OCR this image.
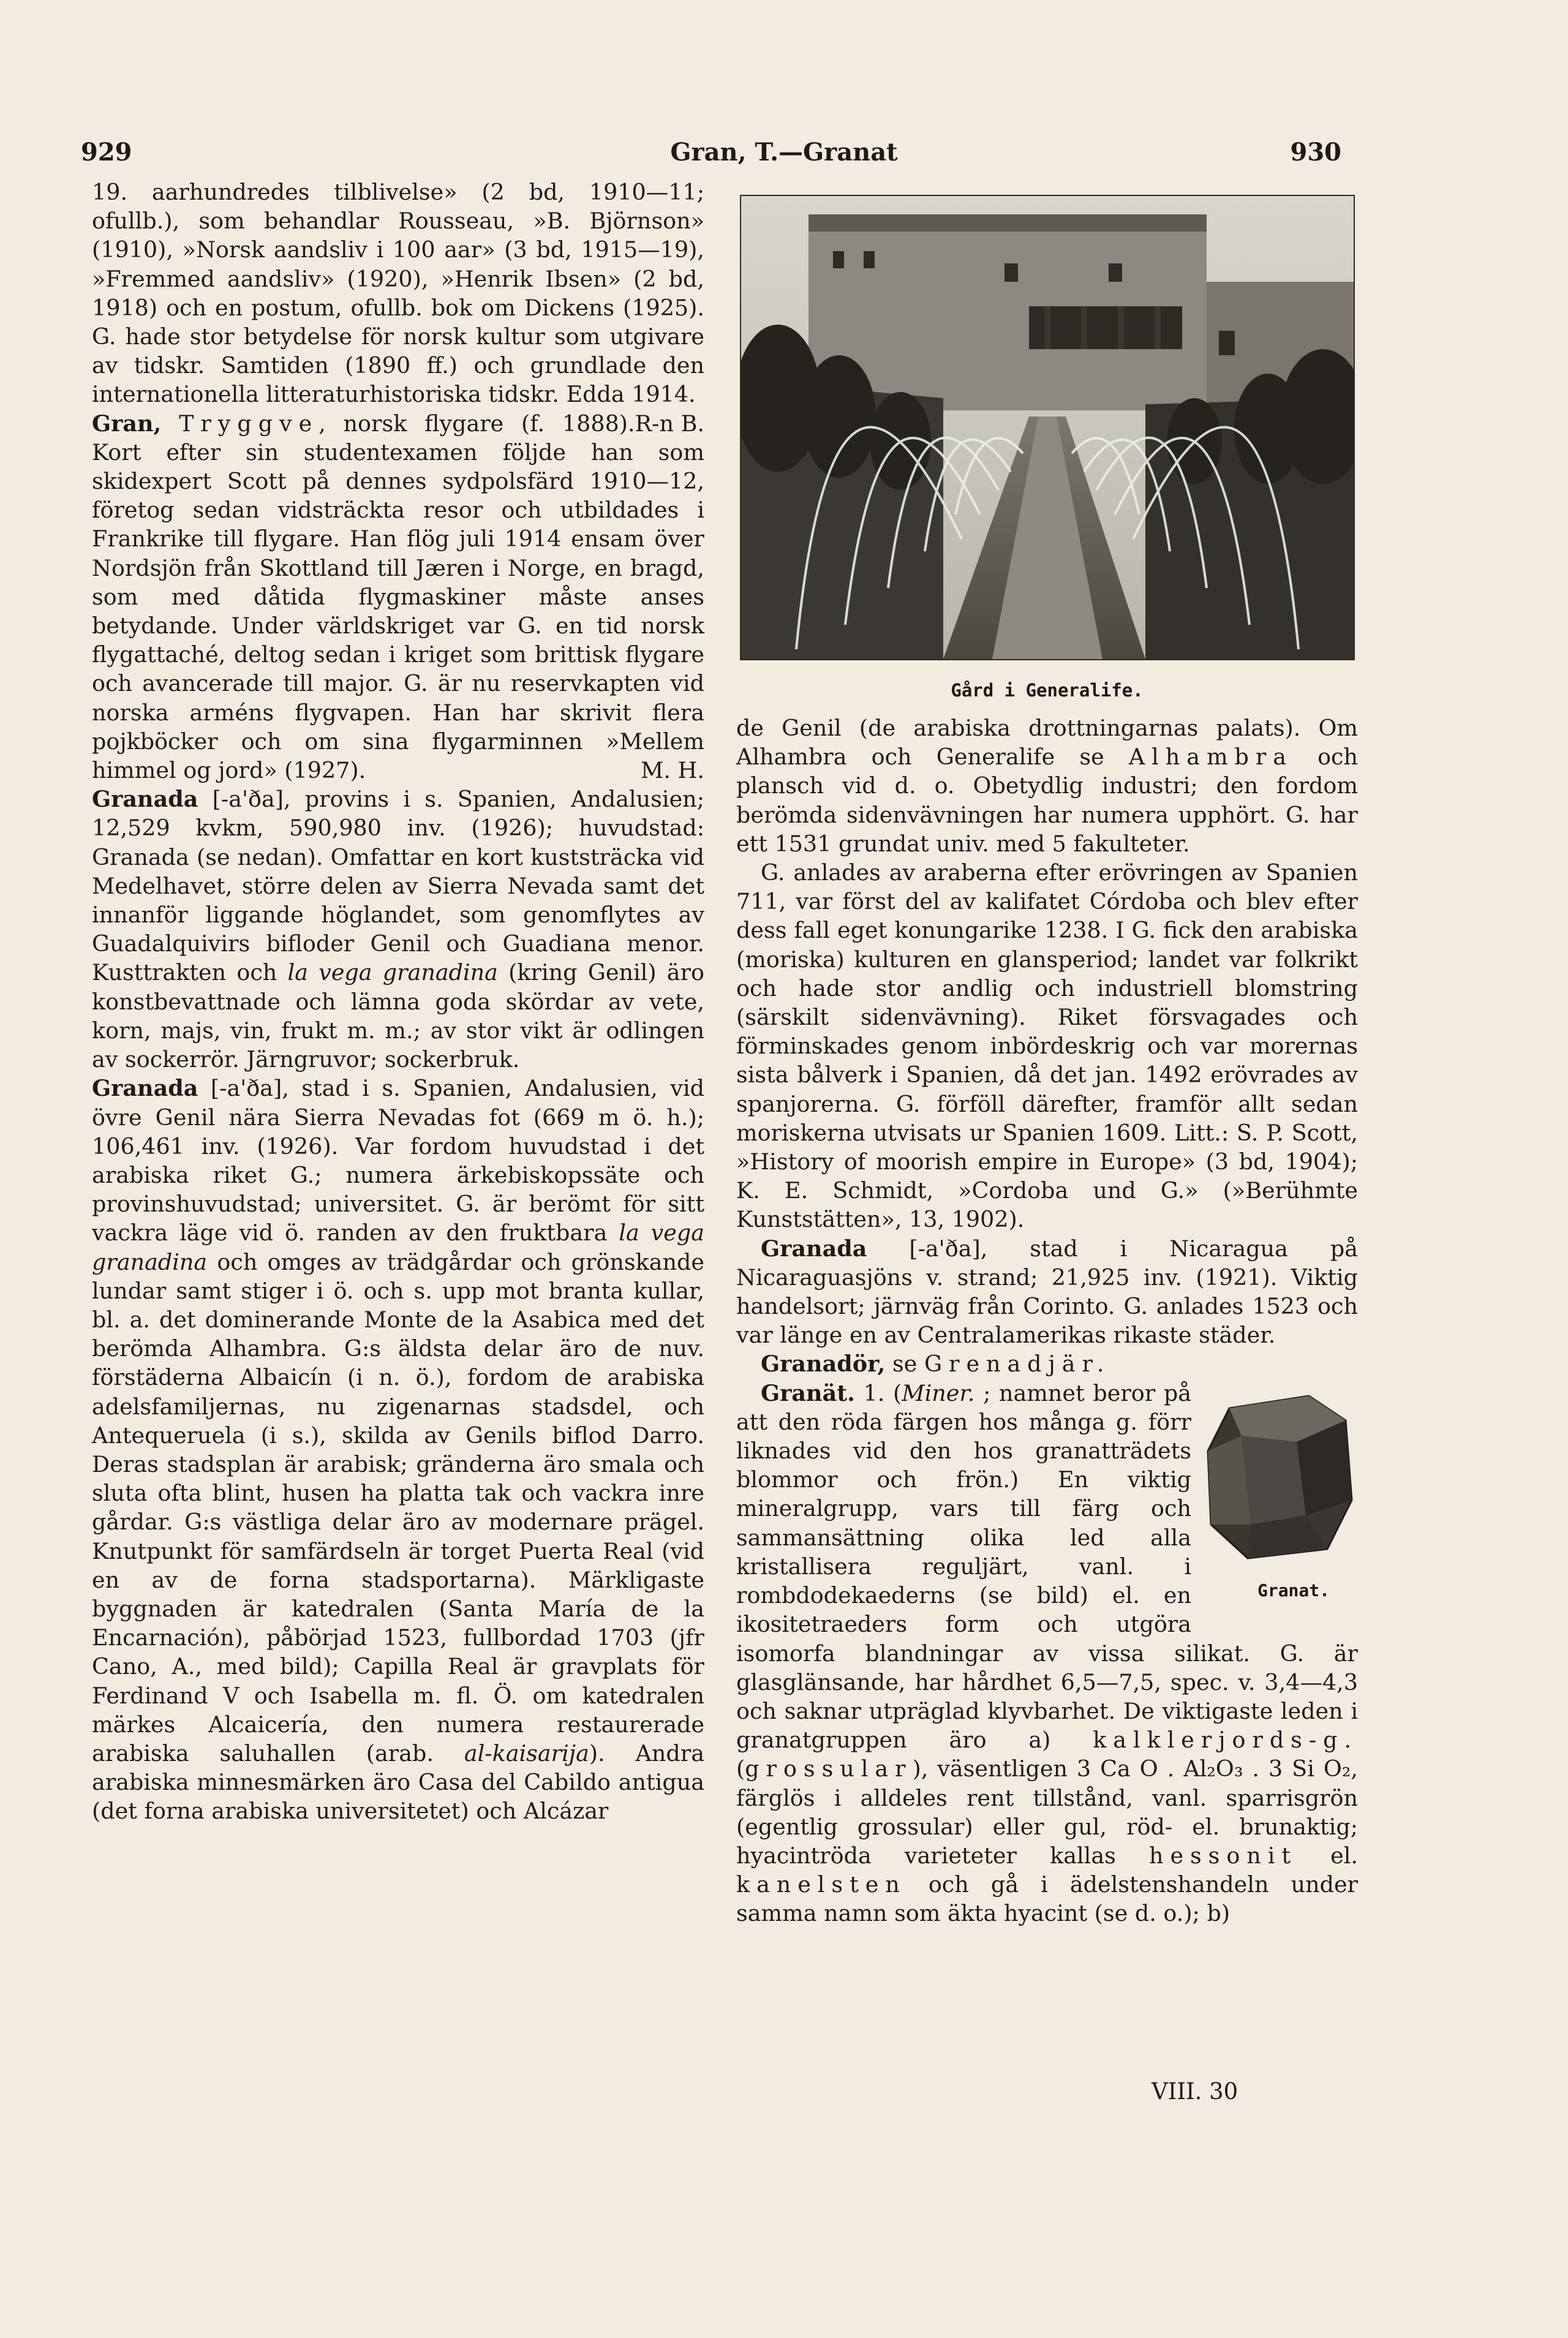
929	Gran, T.—Granat	930

19. aarhundredes tilblivelse» (2 bd, 1910—11; ofullb.), som behandlar Rousseau, »B. Björnson» (1910), »Norsk aandsliv i 100 aar» (3 bd, 1915—19), »Fremmed aandsliv» (1920), »Henrik Ibsen» (2 bd, 1918) och en postum, ofullb. bok om Dickens (1925). G. hade stor betydelse för norsk kultur som utgivare av tidskr. Samtiden (1890 ff.) och grundlade den internationella litteraturhistoriska tidskr. Edda 1914.
R-n B.

Gran, Tryggve, norsk flygare (f. 1888). Kort efter sin studentexamen följde han som skidexpert Scott på dennes sydpolsfärd 1910—12, företog sedan vidsträckta resor och utbildades i Frankrike till flygare. Han flög juli 1914 ensam över Nordsjön från Skottland till Jæren i Norge, en bragd, som med dåtida flygmaskiner måste anses betydande. Under världskriget var G. en tid norsk flygattaché, deltog sedan i kriget som brittisk flygare och avancerade till major. G. är nu reservkapten vid norska arméns flygvapen. Han har skrivit flera pojkböcker och om sina flygarminnen »Mellem himmel og jord» (1927).	M. H.

Granada [-a'ða], provins i s. Spanien, Andalusien; 12,529 kvkm, 590,980 inv. (1926); huvudstad: Granada (se nedan). Omfattar en kort kuststräcka vid Medelhavet, större delen av Sierra Nevada samt det innanför liggande höglandet, som genomflytes av Guadalquivirs bifloder Genil och Guadiana menor. Kusttrakten och la vega granadina (kring Genil) äro konstbevattnade och lämna goda skördar av vete, korn, majs, vin, frukt m. m.; av stor vikt är odlingen av sockerrör. Järngruvor; sockerbruk.

Granada [-a'ða], stad i s. Spanien, Andalusien, vid övre Genil nära Sierra Nevadas fot (669 m ö. h.); 106,461 inv. (1926). Var fordom huvudstad i det arabiska riket G.; numera ärkebiskopssäte och provinshuvudstad; universitet. G. är berömt för sitt vackra läge vid ö. randen av den fruktbara la vega granadina och omges av trädgårdar och grönskande lundar samt stiger i ö. och s. upp mot branta kullar, bl. a. det dominerande Monte de la Asabica med det berömda Alhambra. G:s äldsta delar äro de nuv. förstäderna Albaicín (i n. ö.), fordom de arabiska adelsfamiljernas, nu zigenarnas stadsdel, och Antequeruela (i s.), skilda av Genils biflod Darro. Deras stadsplan är arabisk; gränderna äro smala och sluta ofta blint, husen ha platta tak och vackra inre gårdar. G:s västliga delar äro av modernare prägel. Knutpunkt för samfärdseln är torget Puerta Real (vid en av de forna stadsportarna). Märkligaste byggnaden är katedralen (Santa María de la Encarnación), påbörjad 1523, fullbordad 1703 (jfr Cano, A., med bild); Capilla Real är gravplats för Ferdinand V och Isabella m. fl. Ö. om katedralen märkes Alcaicería, den numera restaurerade arabiska saluhallen (arab. al-kaisarija). Andra arabiska minnesmärken äro Casa del Cabildo antigua (det forna arabiska universitetet) och Alcázar

Gård i Generalife.

de Genil (de arabiska drottningarnas palats). Om Alhambra och Generalife se Alhambra och plansch vid d. o. Obetydlig industri; den fordom berömda sidenvävningen har numera upphört. G. har ett 1531 grundat univ. med 5 fakulteter.

G. anlades av araberna efter erövringen av Spanien 711, var först del av kalifatet Córdoba och blev efter dess fall eget konungarike 1238. I G. fick den arabiska (moriska) kulturen en glansperiod; landet var folkrikt och hade stor andlig och industriell blomstring (särskilt sidenvävning). Riket försvagades och förminskades genom inbördeskrig och var morernas sista bålverk i Spanien, då det jan. 1492 erövrades av spanjorerna. G. förföll därefter, framför allt sedan moriskerna utvisats ur Spanien 1609. Litt.: S. P. Scott, »History of moorish empire in Europe» (3 bd, 1904); K. E. Schmidt, »Cordoba und G.» (»Berühmte Kunststätten», 13, 1902).

Granada [-a'ða], stad i Nicaragua på Nicaraguasjöns v. strand; 21,925 inv. (1921). Viktig handelsort; järnväg från Corinto. G. anlades 1523 och var länge en av Centralamerikas rikaste städer.

Granadör, se Grenadjär.

Granät. 1. (Miner.
Granat.
; namnet beror på att den röda färgen hos många g. förr liknades vid den hos granatträdets blommor och frön.) En viktig mineralgrupp, vars till färg och sammansättning olika led alla kristallisera reguljärt, vanl. i rombdodekaederns (se bild) el. en ikositetraeders form och utgöra isomorfa blandningar av vissa silikat. G. är glasglänsande, har hårdhet 6,5—7,5, spec. v. 3,4—4,3 och saknar utpräglad klyvbarhet. De viktigaste leden i granatgruppen äro a) kalklerjords-g. (grossular), väsentligen 3 Ca O . Al₂O₃ . 3 Si O₂, färglös i alldeles rent tillstånd, vanl. sparrisgrön (egentlig grossular) eller gul, röd- el. brunaktig; hyacintröda varieteter kallas hessonit el. kanelsten och gå i ädelstenshandeln under samma namn som äkta hyacint (se d. o.); b)

VIII. 30
